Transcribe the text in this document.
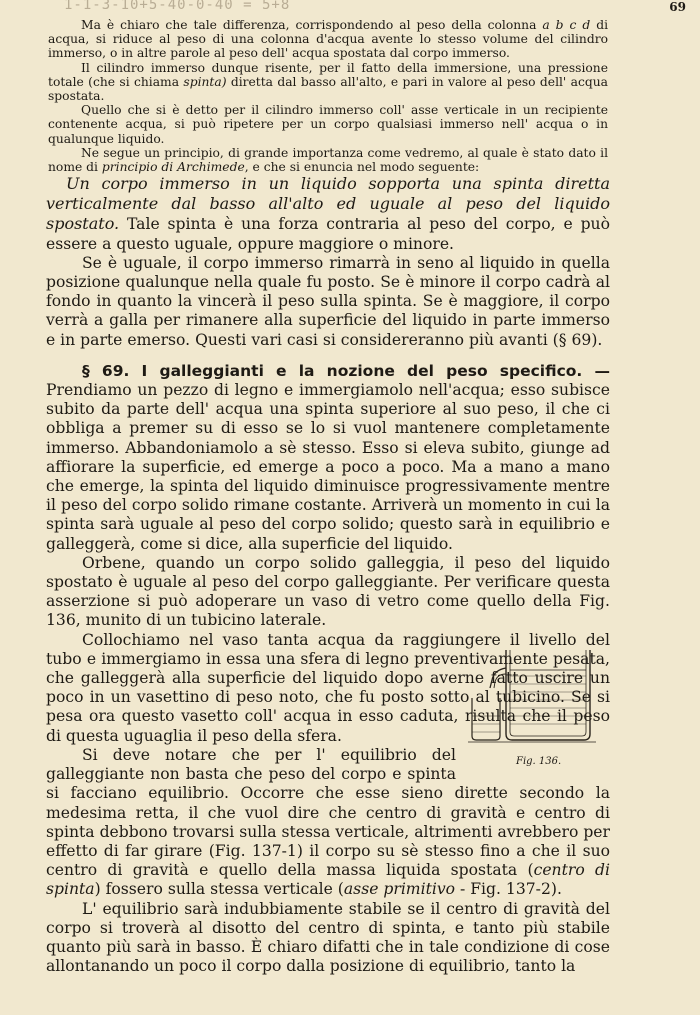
1-1-3-10+5-40-0-40 = 5+8	69

Ma è chiaro che tale differenza, corrispondendo al peso della colonna a b c d di acqua, si riduce al peso di una colonna d'acqua avente lo stesso volume del cilindro immerso, o in altre parole al peso dell' acqua spostata dal corpo immerso.

Il cilindro immerso dunque risente, per il fatto della immersione, una pressione totale (che si chiama spinta) diretta dal basso all'alto, e pari in valore al peso dell' acqua spostata.

Quello che si è detto per il cilindro immerso coll' asse verticale in un recipiente contenente acqua, si può ripetere per un corpo qualsiasi immerso nell' acqua o in qualunque liquido.

Ne segue un principio, di grande importanza come vedremo, al quale è stato dato il nome di principio di Archimede, e che si enuncia nel modo seguente:

Un corpo immerso in un liquido sopporta una spinta diretta verticalmente dal basso all'alto ed uguale al peso del liquido spostato. Tale spinta è una forza contraria al peso del corpo, e può essere a questo uguale, oppure maggiore o minore.

Se è uguale, il corpo immerso rimarrà in seno al liquido in quella posizione qualunque nella quale fu posto. Se è minore il corpo cadrà al fondo in quanto la vincerà il peso sulla spinta. Se è maggiore, il corpo verrà a galla per rimanere alla superficie del liquido in parte immerso e in parte emerso. Questi vari casi si considereranno più avanti (§ 69).

§ 69. I galleggianti e la nozione del peso specifico. — Prendiamo un pezzo di legno e immergiamolo nell'acqua; esso subisce subito da parte dell' acqua una spinta superiore al suo peso, il che ci obbliga a premer su di esso se lo si vuol mantenere completamente immerso. Abbandoniamolo a sè stesso. Esso si eleva subito, giunge ad affiorare la superficie, ed emerge a poco a poco. Ma a mano a mano che emerge, la spinta del liquido diminuisce progressivamente mentre il peso del corpo solido rimane costante. Arriverà un momento in cui la spinta sarà uguale al peso del corpo solido; questo sarà in equilibrio e galleggerà, come si dice, alla superficie del liquido.

Orbene, quando un corpo solido galleggia, il peso del liquido spostato è uguale al peso del corpo galleggiante. Per verificare questa asserzione si può adoperare un vaso di vetro come quello della Fig. 136, munito di un tubicino laterale.

Collochiamo nel vaso tanta acqua da raggiungere il livello del tubo e immergiamo in essa una sfera di legno preventivamente pesata, che galleggerà alla superficie del liquido dopo averne fatto uscire un poco in un vasettino di peso noto, che fu posto sotto al tubicino. Se si pesa ora questo vasetto coll' acqua in esso caduta, risulta che il peso di questa uguaglia il peso della sfera.

Fig. 136.

Si deve notare che per l' equilibrio del galleggiante non basta che peso del corpo e spinta si facciano equilibrio. Occorre che esse sieno dirette secondo la medesima retta, il che vuol dire che centro di gravità e centro di spinta debbono trovarsi sulla stessa verticale, altrimenti avrebbero per effetto di far girare (Fig. 137-1) il corpo su sè stesso fino a che il suo centro di gravità e quello della massa liquida spostata (centro di spinta) fossero sulla stessa verticale (asse primitivo - Fig. 137-2).

L' equilibrio sarà indubbiamente stabile se il centro di gravità del corpo si troverà al disotto del centro di spinta, e tanto più stabile quanto più sarà in basso. È chiaro difatti che in tale condizione di cose allontanando un poco il corpo dalla posizione di equilibrio, tanto la
